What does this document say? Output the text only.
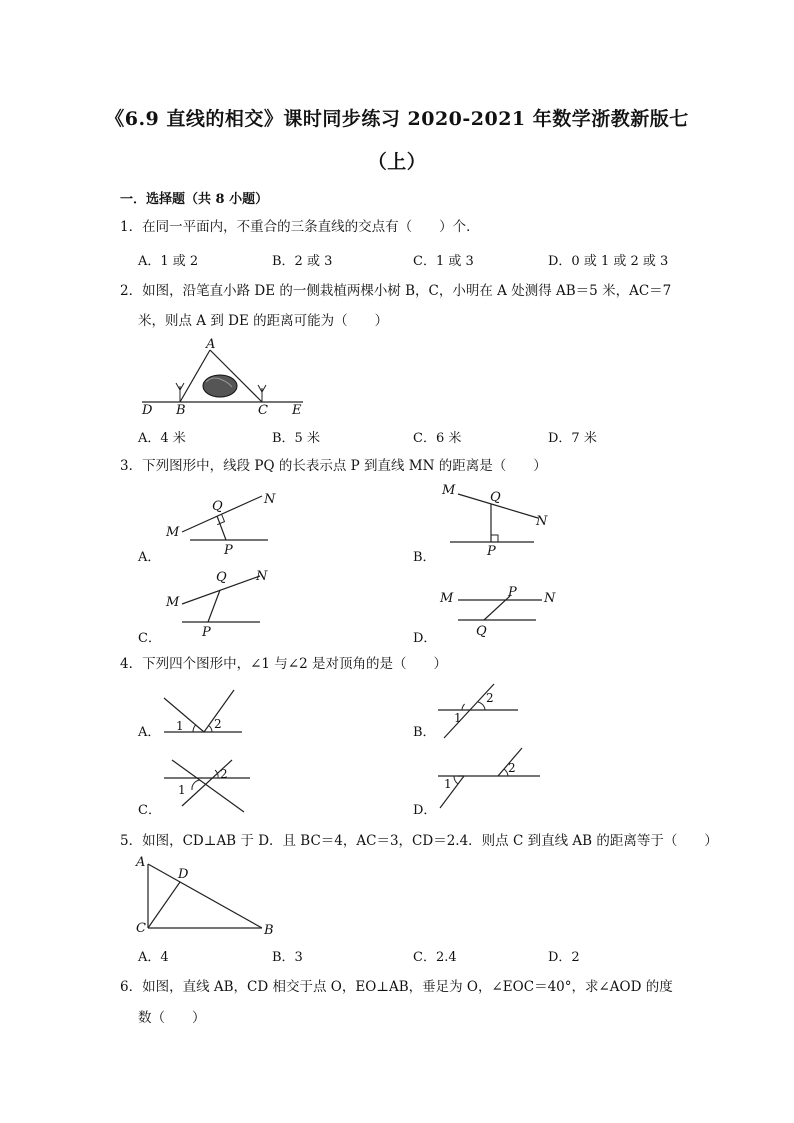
《6.9 直线的相交》课时同步练习 2020-2021 年数学浙教新版七
（上）
一．选择题（共 8 小题）
1．在同一平面内，不重合的三条直线的交点有（　　）个．
A．1 或 2	B．2 或 3	C．1 或 3	D．0 或 1 或 2 或 3
2．如图，沿笔直小路 DE 的一侧栽植两棵小树 B，C，小明在 A 处测得 AB＝5 米，AC＝7
米，则点 A 到 DE 的距离可能为（　　）
A
B	C
D	E
A．4 米	B．5 米	C．6 米	D．7 米
3．下列图形中，线段 PQ 的长表示点 P 到直线 MN 的距离是（　　）
M
N
Q
P
A．
M
N
Q
P
B．
M
N
Q
P
C．
M	N
P
Q
D．
4．下列四个图形中，∠1 与∠2 是对顶角的是（　　）
1	2
A．
1
2
B．
1
2
C．
1
2
D．
5．如图，CD⊥AB 于 D．且 BC＝4，AC＝3，CD＝2.4．则点 C 到直线 AB 的距离等于（　　）
A
B
C
D
A．4	B．3	C．2.4	D．2
6．如图，直线 AB，CD 相交于点 O，EO⊥AB，垂足为 O，∠EOC＝40°，求∠AOD 的度
数（　　）
